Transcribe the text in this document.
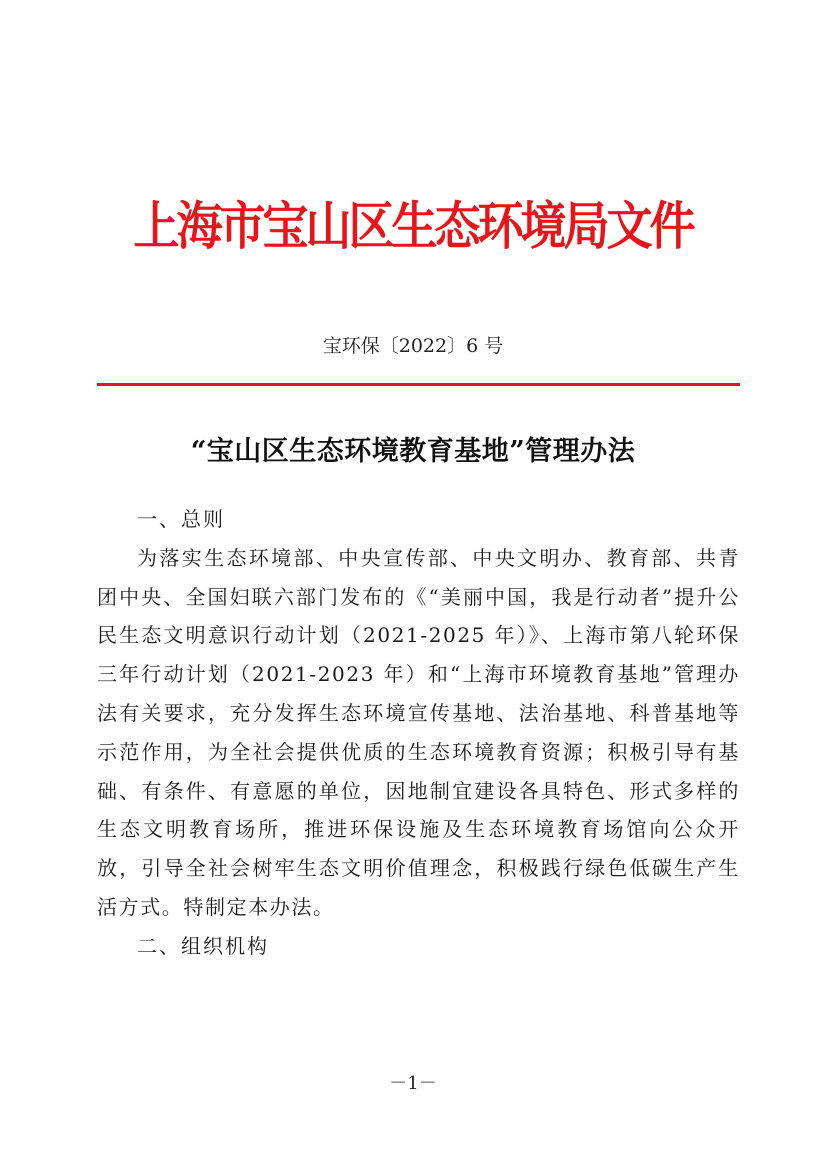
上海市宝山区生态环境局文件
宝环保〔2022〕6 号
“宝山区生态环境教育基地”管理办法

一、总则

为落实生态环境部、中央宣传部、中央文明办、教育部、共青团中央、全国妇联六部门发布的《“美丽中国，我是行动者”提升公民生态文明意识行动计划（2021-2025 年）》、上海市第八轮环保三年行动计划（2021-2023 年）和“上海市环境教育基地”管理办法有关要求，充分发挥生态环境宣传基地、法治基地、科普基地等示范作用，为全社会提供优质的生态环境教育资源；积极引导有基础、有条件、有意愿的单位，因地制宜建设各具特色、形式多样的生态文明教育场所，推进环保设施及生态环境教育场馆向公众开放，引导全社会树牢生态文明价值理念，积极践行绿色低碳生产生活方式。特制定本办法。

二、组织机构

－1－
